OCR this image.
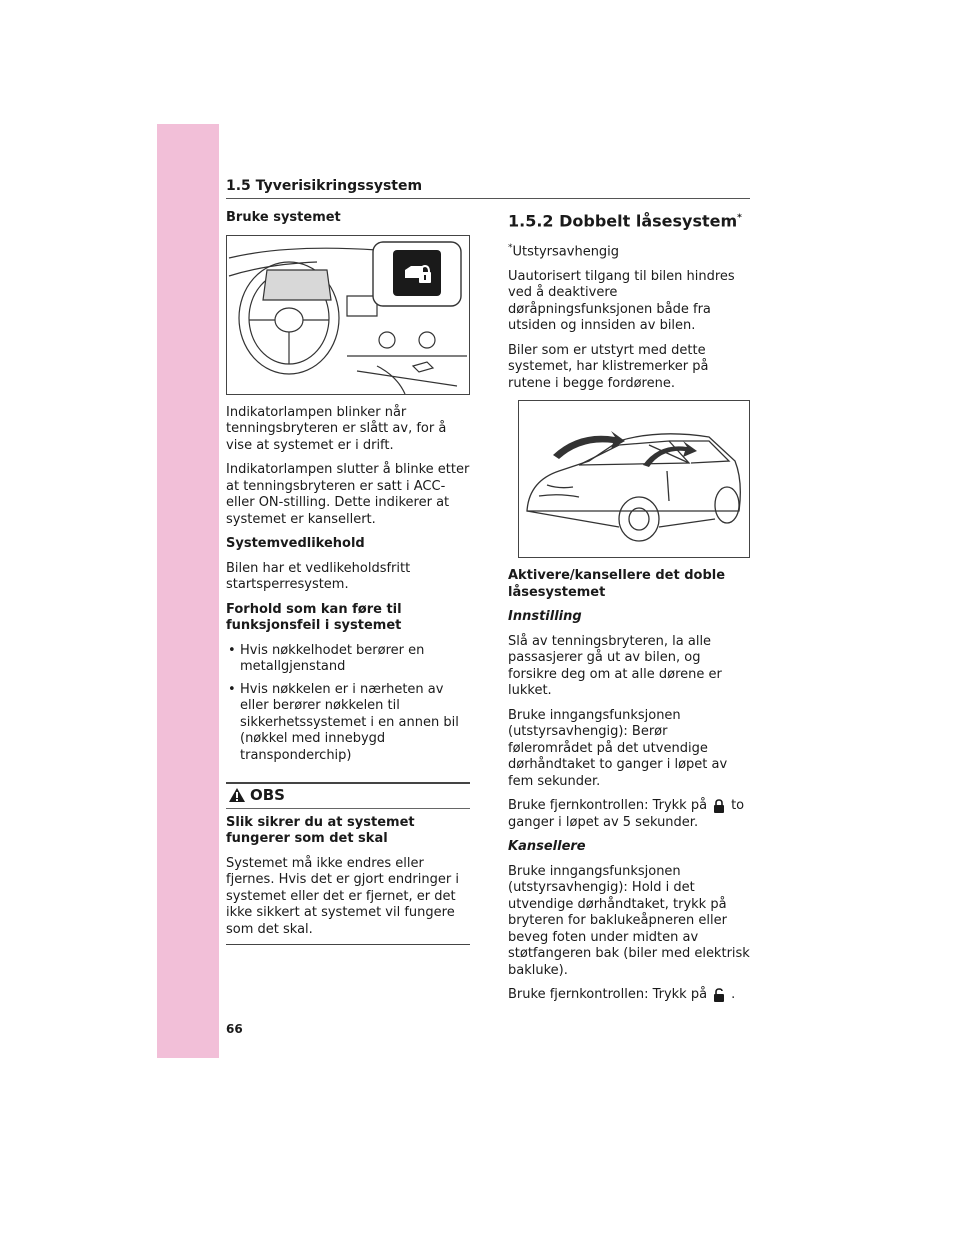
1.5 Tyverisikringssystem
Bruke systemet

Indikatorlampen blinker når tenningsbryteren er slått av, for å vise at systemet er i drift.

Indikatorlampen slutter å blinke etter at tenningsbryteren er satt i ACC- eller ON-stilling. Dette indikerer at systemet er kansellert.

Systemvedlikehold

Bilen har et vedlikeholdsfritt startsperresystem.

Forhold som kan føre til funksjonsfeil i systemet
• Hvis nøkkelhodet berører en metallgjenstand
• Hvis nøkkelen er i nærheten av eller berører nøkkelen til sikkerhetssystemet i en annen bil (nøkkel med innebygd transponderchip)
OBS
Slik sikrer du at systemet fungerer som det skal

Systemet må ikke endres eller fjernes. Hvis det er gjort endringer i systemet eller det er fjernet, er det ikke sikkert at systemet vil fungere som det skal.

1.5.2 Dobbelt låsesystem*

*Utstyrsavhengig

Uautorisert tilgang til bilen hindres ved å deaktivere døråpningsfunksjonen både fra utsiden og innsiden av bilen.

Biler som er utstyrt med dette systemet, har klistremerker på rutene i begge fordørene.

Aktivere/kansellere det doble låsesystemet
Innstilling

Slå av tenningsbryteren, la alle passasjerer gå ut av bilen, og forsikre deg om at alle dørene er lukket.

Bruke inngangsfunksjonen (utstyrsavhengig): Berør følerområdet på det utvendige dørhåndtaket to ganger i løpet av fem sekunder.

Bruke fjernkontrollen: Trykk på to ganger i løpet av 5 sekunder.

Kansellere

Bruke inngangsfunksjonen (utstyrsavhengig): Hold i det utvendige dørhåndtaket, trykk på bryteren for baklukeåpneren eller beveg foten under midten av støtfangeren bak (biler med elektrisk bakluke).

Bruke fjernkontrollen: Trykk på .

66
